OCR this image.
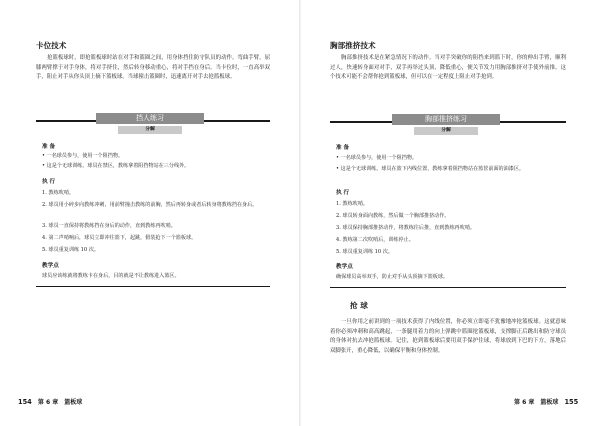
卡位技术

抢篮板球时，即抢篮板球时站在对手和篮圈之间，用身体挡住防守队员的动作。弯曲手臂，屈膝两臂撑于对手身体，将对手挤住，然后转身移动重心，将对手挡在身后。当卡位时，一直高举双手，阻止对手从你头顶上摘下篮板球。当球撞击篮圈时，迅速离开对手去抢篮板球。

挡人练习
分解
准 备
• 一名球员参与，使用一个阻挡物。
• 这是个无球训练。球员在禁区，教练拿着阻挡物站在三分线外。
执 行
1. 教练吹哨。
2. 球员用小碎步向教练冲刺，用前臂撞击教练的前胸，然后再转身或者后转身将教练挡在身后。
3. 球员一直保持将教练挡在身后的动作，直到教练再吹哨。
4. 第二声哨响后，球员立即冲往篮下，起跳，假装抢下一个篮板球。
5. 球员重复训练 10 次。
教学点
球员应该练就将教练卡在身后，目的就是不让教练进入篮区。
154 第 6 章　篮板球
胸部推挤技术

胸部推挤技术是在紧急情况下的动作。当对手突破你的阻挡来到篮下时，你的伸出手臂，顺利过人，快速转身面对对手，双手再举过头顶，降低重心，便关节发力用胸部推挤对手使外前推。这个技术可能不会帮你抢到篮板球，但可以在一定程度上阻止对手抢到。

胸部推挤练习
分解
准 备
• 一名球员参与，使用一个阻挡物。
• 这是个无球训练。球员在篮下内线位置，教练拿着阻挡物站在篮筐前面的油漆区。
执 行
1. 教练吹哨。
2. 球员转身面向教练，然后做一个胸部推挤动作。
3. 球员保持胸部推挤动作，将教练往后推，直到教练再吹哨。
4. 教练第二次吹哨后，训练停止。
5. 球员重复训练 10 次。
教学点
确保球员高举双手，防止对手从头顶摘下篮板球。
抢 球

一旦你用之前讲到的一项技术获得了内线位置，你必须立即毫不犹豫地冲抢篮板球。这就意味着你必须冲刺和高高跳起，一条腿用着力的向上弹跳中篮圈抢篮板球，支撑脚正后跳出和防守球员的身体对抗去冲抢篮板球。记住，抢到篮板球后要用双手保护住球，将球放到下巴的下方，落地后双脚张开，重心降低，以确保平衡和身体控制。

第 6 章　篮板球 155
